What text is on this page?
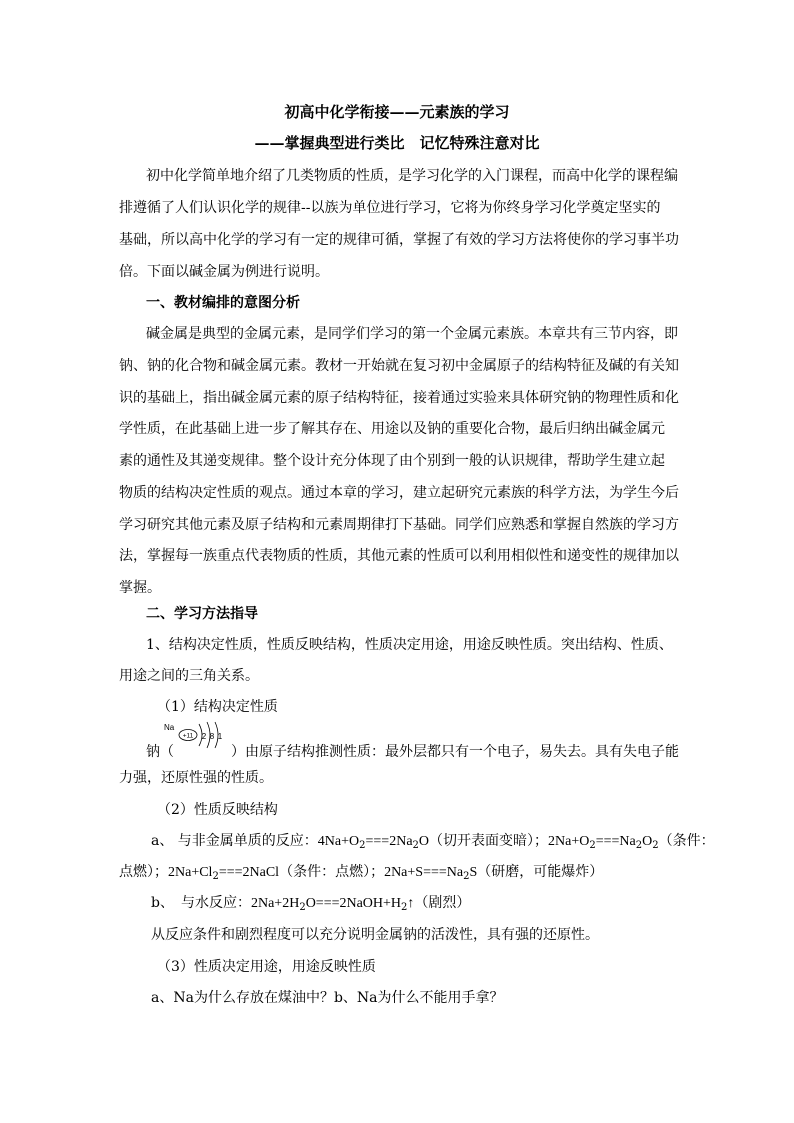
初高中化学衔接——元素族的学习
——掌握典型进行类比　记忆特殊注意对比
初中化学简单地介绍了几类物质的性质，是学习化学的入门课程，而高中化学的课程编
排遵循了人们认识化学的规律--以族为单位进行学习，它将为你终身学习化学奠定坚实的
基础，所以高中化学的学习有一定的规律可循，掌握了有效的学习方法将使你的学习事半功
倍。下面以碱金属为例进行说明。
一、教材编排的意图分析
碱金属是典型的金属元素，是同学们学习的第一个金属元素族。本章共有三节内容，即
钠、钠的化合物和碱金属元素。教材一开始就在复习初中金属原子的结构特征及碱的有关知
识的基础上，指出碱金属元素的原子结构特征，接着通过实验来具体研究钠的物理性质和化
学性质，在此基础上进一步了解其存在、用途以及钠的重要化合物，最后归纳出碱金属元
素的通性及其递变规律。整个设计充分体现了由个别到一般的认识规律，帮助学生建立起
物质的结构决定性质的观点。通过本章的学习，建立起研究元素族的科学方法，为学生今后
学习研究其他元素及原子结构和元素周期律打下基础。同学们应熟悉和掌握自然族的学习方
法，掌握每一族重点代表物质的性质，其他元素的性质可以利用相似性和递变性的规律加以
掌握。
二、学习方法指导
1、结构决定性质，性质反映结构，性质决定用途，用途反映性质。突出结构、性质、
用途之间的三角关系。
（1）结构决定性质
钠（
Na
+11 2 8 1
）由原子结构推测性质：最外层都只有一个电子，易失去。具有失电子能
力强，还原性强的性质。
（2）性质反映结构
a、 与非金属单质的反应：$4Na+O_2===2Na_2O$（切开表面变暗）；$2Na+O_2===Na_2O_2$（条件：
点燃）；$2Na+Cl_2===2NaCl$（条件：点燃）；$2Na+S===Na_2S$（研磨，可能爆炸）
b、　与水反应：$2Na+2H_2O===2NaOH+H_2↑$（剧烈）
从反应条件和剧烈程度可以充分说明金属钠的活泼性，具有强的还原性。
（3）性质决定用途，用途反映性质
a、Na为什么存放在煤油中？b、Na为什么不能用手拿？
